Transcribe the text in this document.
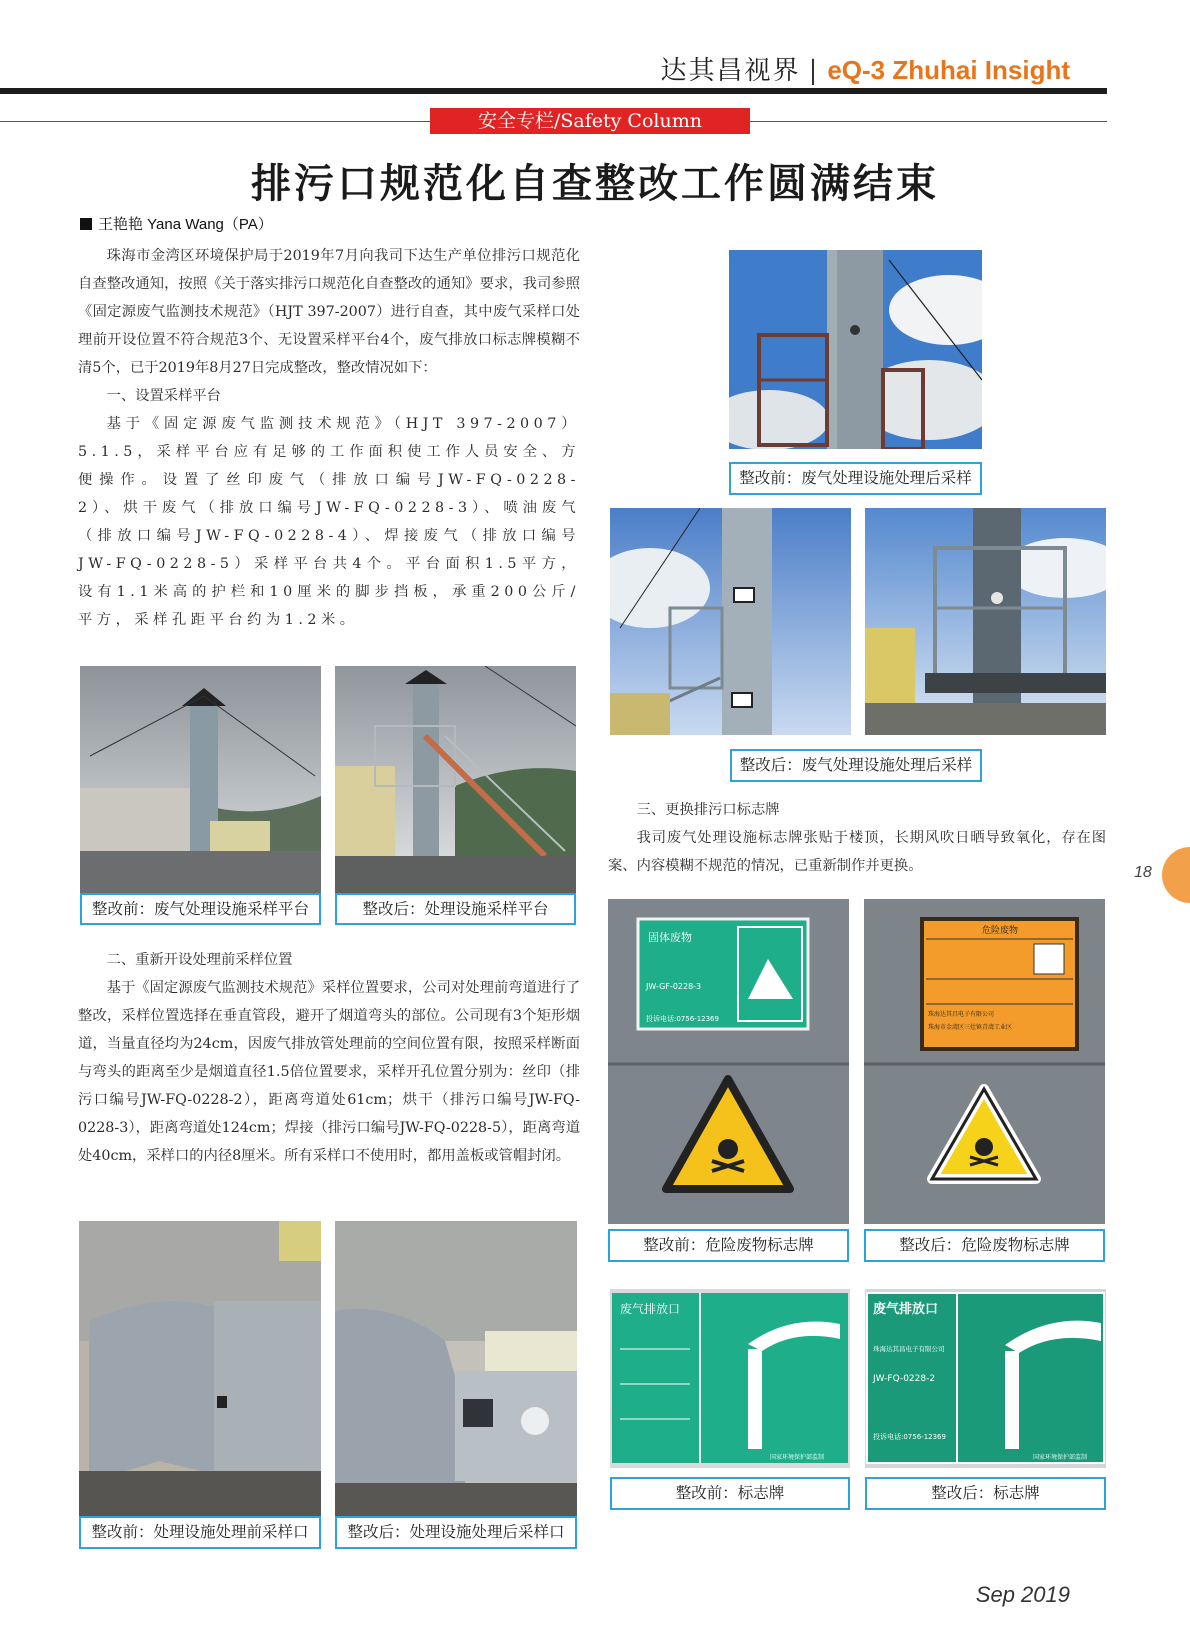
达其昌视界 | eQ-3 Zhuhai Insight
安全专栏/Safety Column
排污口规范化自查整改工作圆满结束
王艳艳 Yana Wang（PA）

珠海市金湾区环境保护局于2019年7月向我司下达生产单位排污口规范化自查整改通知，按照《关于落实排污口规范化自查整改的通知》要求，我司参照《固定源废气监测技术规范》（HJT 397-2007）进行自查，其中废气采样口处理前开设位置不符合规范3个、无设置采样平台4个，废气排放口标志牌模糊不清5个，已于2019年8月27日完成整改，整改情况如下：

一、设置采样平台

基于《固定源废气监测技术规范》（HJT 397-2007）5.1.5，采样平台应有足够的工作面积使工作人员安全、方便操作。设置了丝印废气（排放口编号JW-FQ-0228-2）、烘干废气（排放口编号JW-FQ-0228-3）、喷油废气（排放口编号JW-FQ-0228-4）、焊接废气（排放口编号JW-FQ-0228-5）采样平台共4个。平台面积1.5平方，设有1.1米高的护栏和10厘米的脚步挡板，承重200公斤/平方，采样孔距平台约为1.2米。

整改前：废气处理设施采样平台	整改后：处理设施采样平台

二、重新开设处理前采样位置

基于《固定源废气监测技术规范》采样位置要求，公司对处理前弯道进行了整改，采样位置选择在垂直管段，避开了烟道弯头的部位。公司现有3个矩形烟道，当量直径均为24cm，因废气排放管处理前的空间位置有限，按照采样断面与弯头的距离至少是烟道直径1.5倍位置要求，采样开孔位置分别为：丝印（排污口编号JW-FQ-0228-2），距离弯道处61cm；烘干（排污口编号JW-FQ-0228-3），距离弯道处124cm；焊接（排污口编号JW-FQ-0228-5），距离弯道处40cm，采样口的内径8厘米。所有采样口不使用时，都用盖板或管帽封闭。

整改前：处理设施处理前采样口	整改后：处理设施处理后采样口
整改前：废气处理设施处理后采样
整改后：废气处理设施处理后采样

三、更换排污口标志牌

我司废气处理设施标志牌张贴于楼顶，长期风吹日晒导致氧化，存在图案、内容模糊不规范的情况，已重新制作并更换。

固体废物
JW-GF-0228-3
投诉电话:0756-12369
整改前：危险废物标志牌
危险废物
珠海达其昌电子有限公司
珠海市金湾区三灶镇青湾工业区
整改后：危险废物标志牌
废气排放口
国家环境保护部监制
整改前：标志牌
废气排放口
珠海达其昌电子有限公司
JW-FQ-0228-2
投诉电话:0756-12369
国家环境保护部监制
整改后：标志牌
18
Sep 2019
